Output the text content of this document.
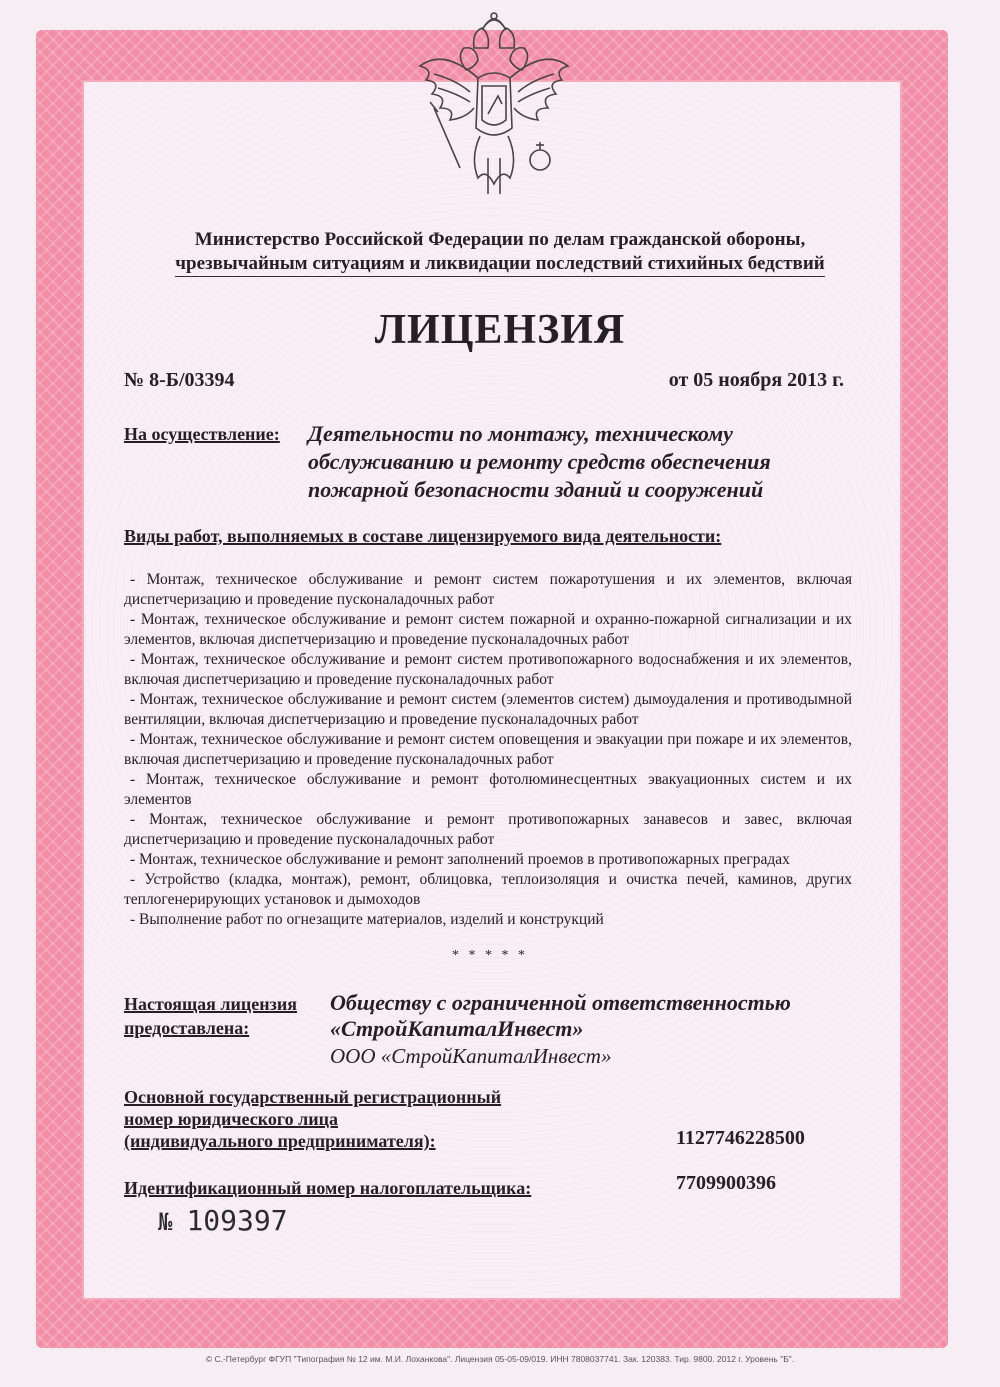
Министерство Российской Федерации по делам гражданской обороны,
чрезвычайным ситуациям и ликвидации последствий стихийных бедствий
ЛИЦЕНЗИЯ
№ 8-Б/03394	от 05 ноября 2013 г.
На осуществление: Деятельности по монтажу, техническому обслуживанию и ремонту средств обеспечения пожарной безопасности зданий и сооружений
Виды работ, выполняемых в составе лицензируемого вида деятельности:
- Монтаж, техническое обслуживание и ремонт систем пожаротушения и их элементов, включая диспетчеризацию и проведение пусконаладочных работ
- Монтаж, техническое обслуживание и ремонт систем пожарной и охранно-пожарной сигнализации и их элементов, включая диспетчеризацию и проведение пусконаладочных работ
- Монтаж, техническое обслуживание и ремонт систем противопожарного водоснабжения и их элементов, включая диспетчеризацию и проведение пусконаладочных работ
- Монтаж, техническое обслуживание и ремонт систем (элементов систем) дымоудаления и противодымной вентиляции, включая диспетчеризацию и проведение пусконаладочных работ
- Монтаж, техническое обслуживание и ремонт систем оповещения и эвакуации при пожаре и их элементов, включая диспетчеризацию и проведение пусконаладочных работ
- Монтаж, техническое обслуживание и ремонт фотолюминесцентных эвакуационных систем и их элементов
- Монтаж, техническое обслуживание и ремонт противопожарных занавесов и завес, включая диспетчеризацию и проведение пусконаладочных работ
- Монтаж, техническое обслуживание и ремонт заполнений проемов в противопожарных преградах
- Устройство (кладка, монтаж), ремонт, облицовка, теплоизоляция и очистка печей, каминов, других теплогенерирующих установок и дымоходов
- Выполнение работ по огнезащите материалов, изделий и конструкций
* * * * *
Настоящая лицензия
предоставлена:
Обществу с ограниченной ответственностью
«СтройКапиталИнвест»
ООО «СтройКапиталИнвест»
Основной государственный регистрационный
номер юридического лица
(индивидуального предпринимателя):	1127746228500
Идентификационный номер налогоплательщика:	7709900396
№ 109397
© С.-Петербург ФГУП "Типография № 12 им. М.И. Лоханкова". Лицензия 05-05-09/019. ИНН 7808037741. Зак. 120383. Тир. 9800. 2012 г. Уровень "Б".
